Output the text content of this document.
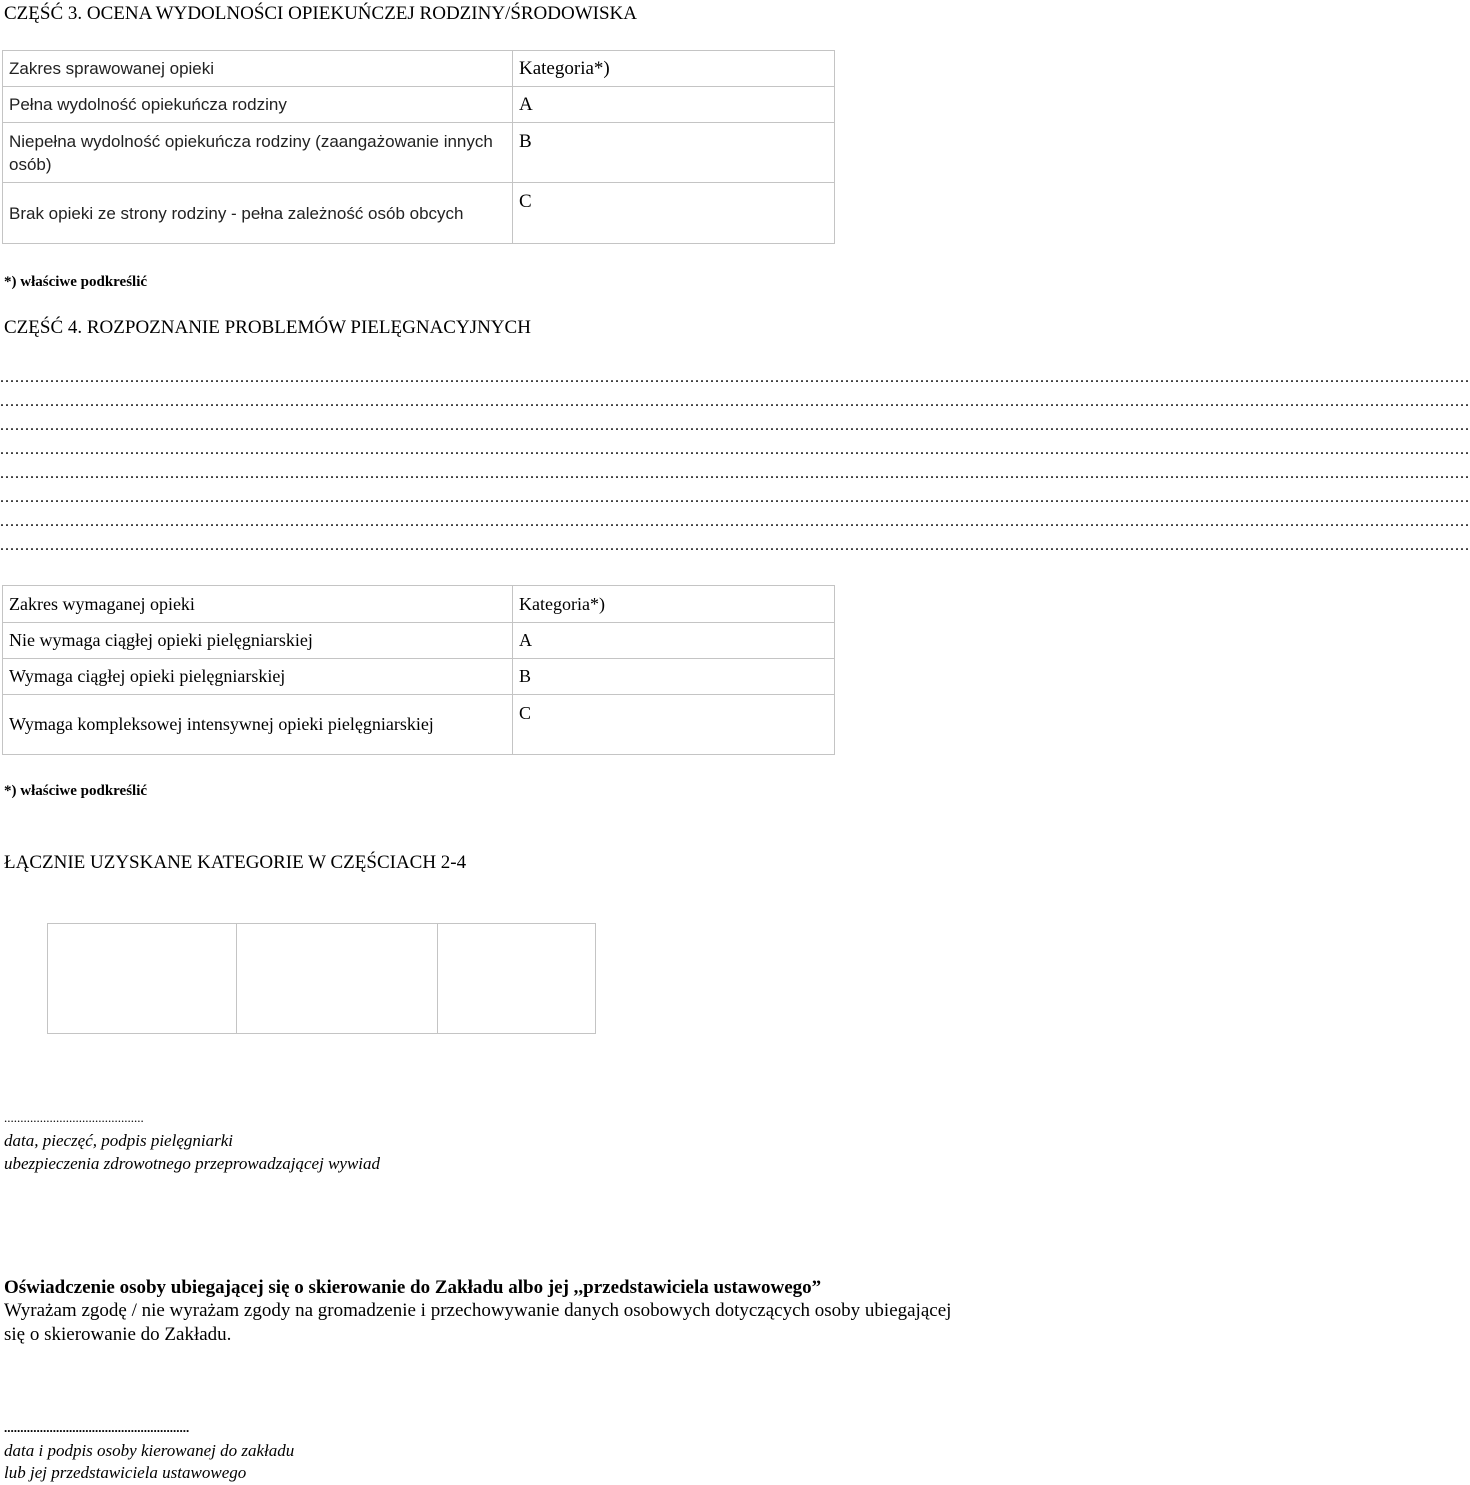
CZĘŚĆ 3. OCENA WYDOLNOŚCI OPIEKUŃCZEJ RODZINY/ŚRODOWISKA
Zakres sprawowanej opieki	Kategoria*)
Pełna wydolność opiekuńcza rodziny	A
Niepełna wydolność opiekuńcza rodziny (zaangażowanie innych osób)	B
Brak opieki ze strony rodziny - pełna zależność osób obcych	C
*) właściwe podkreślić
CZĘŚĆ 4. ROZPOZNANIE PROBLEMÓW PIELĘGNACYJNYCH
......................................................................................................................................................................................................................................................................................................
......................................................................................................................................................................................................................................................................................................
......................................................................................................................................................................................................................................................................................................
......................................................................................................................................................................................................................................................................................................
......................................................................................................................................................................................................................................................................................................
......................................................................................................................................................................................................................................................................................................
......................................................................................................................................................................................................................................................................................................
......................................................................................................................................................................................................................................................................................................
Zakres wymaganej opieki	Kategoria*)
Nie wymaga ciągłej opieki pielęgniarskiej	A
Wymaga ciągłej opieki pielęgniarskiej	B
Wymaga kompleksowej intensywnej opieki pielęgniarskiej	C
*) właściwe podkreślić
ŁĄCZNIE UZYSKANE KATEGORIE W CZĘŚCIACH 2-4
...........................................
data, pieczęć, podpis pielęgniarki
ubezpieczenia zdrowotnego przeprowadzającej wywiad
Oświadczenie osoby ubiegającej się o skierowanie do Zakładu albo jej ,,przedstawiciela ustawowego”
Wyrażam zgodę / nie wyrażam zgody na gromadzenie i przechowywanie danych osobowych dotyczących osoby ubiegającej się o skierowanie do Zakładu.
.........................................................
data i podpis osoby kierowanej do zakładu
lub jej przedstawiciela ustawowego
